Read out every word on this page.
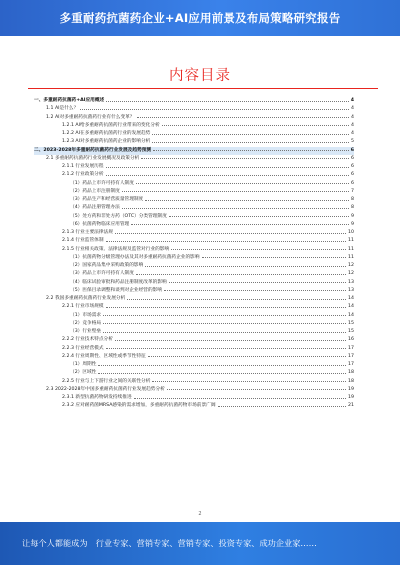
多重耐药抗菌药企业+AI应用前景及布局策略研究报告
内容目录
一、多重耐药抗菌药+AI应用概述	4
1.1 AI是什么？	4
1.2 AI对多重耐药抗菌药行业有什么变革？	4
1.2.1 AI给多重耐药抗菌药行业带来的变化分析	4
1.2.2 AI在多重耐药抗菌药行业的发展趋势	4
1.2.3 AI对多重耐药抗菌药企业的影响分析	5
二、2023-2028年多重耐药抗菌药行业发展及趋势预测	6
2.1 多重耐药抗菌药行业发展概况及政策分析	6
2.1.1 行业发展历程	6
2.1.2 行业政策分析	6
（1）药品上市许可持有人制度	6
（2）药品上市注册制度	7
（3）药品生产和经营质量管理制度	8
（4）药品注册管理办法	8
（5）处方药和非处方药（OTC）分类管理制度	9
（6）抗菌药物临床应用管理	9
2.1.3 行业主要法律法规	10
2.1.4 行业监管体制	11
2.1.5 行业相关政策、法律法规及监管对行业的影响	11
（1）抗菌药物分级管理办法及其对多重耐药抗菌药企业的影响	11
（2）国家药品集中采购政策的影响	12
（3）药品上市许可持有人制度	12
（4）临床试验审批和药品注册制度改革的影响	13
（5）医保目录调整和谈判对企业经营的影响	13
2.2 我国多重耐药抗菌药行业发展分析	14
2.2.1 行业市场规模	14
（1）市场需求	14
（2）竞争格局	15
（3）行业壁垒	15
2.2.2 行业技术特点分析	16
2.2.3 行业经营模式	17
2.2.4 行业周期性、区域性或季节性特征	17
（1）周期性	17
（2）区域性	18
2.2.5 行业与上下游行业之间的关联性分析	18
2.3 2022-2028年中国多重耐药抗菌药行业发展趋势分析	19
2.3.1 新型抗菌药物研发持续推进	19
2.3.2 应对耐药菌MRSA感染的需求增加，多重耐药抗菌药物市场前景广阔	21
2
让每个人都能成为　行业专家、营销专家、营销专家、投资专家、成功企业家……
